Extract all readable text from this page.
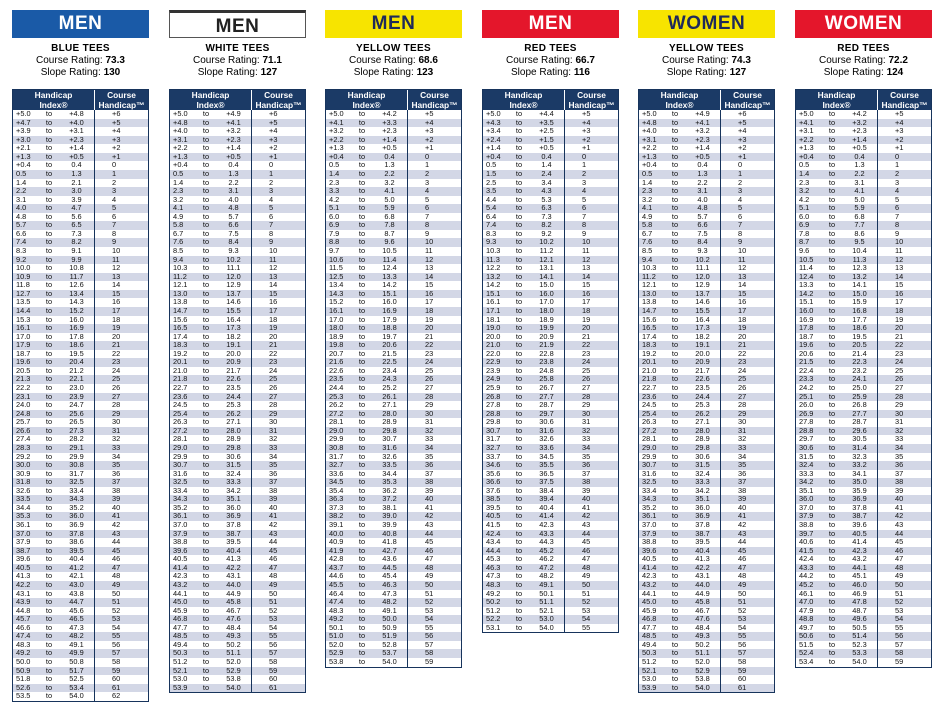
MEN
BLUE TEES
Course Rating: 73.3
Slope Rating: 130
Handicap
Index®
Course
Handicap™
+5.0	to	+4.8	+6
+4.7	to	+4.0	+5
+3.9	to	+3.1	+4
+3.0	to	+2.3	+3
+2.1	to	+1.4	+2
+1.3	to	+0.5	+1
+0.4	to	0.4	0
0.5	to	1.3	1
1.4	to	2.1	2
2.2	to	3.0	3
3.1	to	3.9	4
4.0	to	4.7	5
4.8	to	5.6	6
5.7	to	6.5	7
6.6	to	7.3	8
7.4	to	8.2	9
8.3	to	9.1	10
9.2	to	9.9	11
10.0	to	10.8	12
10.9	to	11.7	13
11.8	to	12.6	14
12.7	to	13.4	15
13.5	to	14.3	16
14.4	to	15.2	17
15.3	to	16.0	18
16.1	to	16.9	19
17.0	to	17.8	20
17.9	to	18.6	21
18.7	to	19.5	22
19.6	to	20.4	23
20.5	to	21.2	24
21.3	to	22.1	25
22.2	to	23.0	26
23.1	to	23.9	27
24.0	to	24.7	28
24.8	to	25.6	29
25.7	to	26.5	30
26.6	to	27.3	31
27.4	to	28.2	32
28.3	to	29.1	33
29.2	to	29.9	34
30.0	to	30.8	35
30.9	to	31.7	36
31.8	to	32.5	37
32.6	to	33.4	38
33.5	to	34.3	39
34.4	to	35.2	40
35.3	to	36.0	41
36.1	to	36.9	42
37.0	to	37.8	43
37.9	to	38.6	44
38.7	to	39.5	45
39.6	to	40.4	46
40.5	to	41.2	47
41.3	to	42.1	48
42.2	to	43.0	49
43.1	to	43.8	50
43.9	to	44.7	51
44.8	to	45.6	52
45.7	to	46.5	53
46.6	to	47.3	54
47.4	to	48.2	55
48.3	to	49.1	56
49.2	to	49.9	57
50.0	to	50.8	58
50.9	to	51.7	59
51.8	to	52.5	60
52.6	to	53.4	61
53.5	to	54.0	62
MEN
WHITE TEES
Course Rating: 71.1
Slope Rating: 127
Handicap
Index®
Course
Handicap™
+5.0	to	+4.9	+6
+4.8	to	+4.1	+5
+4.0	to	+3.2	+4
+3.1	to	+2.3	+3
+2.2	to	+1.4	+2
+1.3	to	+0.5	+1
+0.4	to	0.4	0
0.5	to	1.3	1
1.4	to	2.2	2
2.3	to	3.1	3
3.2	to	4.0	4
4.1	to	4.8	5
4.9	to	5.7	6
5.8	to	6.6	7
6.7	to	7.5	8
7.6	to	8.4	9
8.5	to	9.3	10
9.4	to	10.2	11
10.3	to	11.1	12
11.2	to	12.0	13
12.1	to	12.9	14
13.0	to	13.7	15
13.8	to	14.6	16
14.7	to	15.5	17
15.6	to	16.4	18
16.5	to	17.3	19
17.4	to	18.2	20
18.3	to	19.1	21
19.2	to	20.0	22
20.1	to	20.9	23
21.0	to	21.7	24
21.8	to	22.6	25
22.7	to	23.5	26
23.6	to	24.4	27
24.5	to	25.3	28
25.4	to	26.2	29
26.3	to	27.1	30
27.2	to	28.0	31
28.1	to	28.9	32
29.0	to	29.8	33
29.9	to	30.6	34
30.7	to	31.5	35
31.6	to	32.4	36
32.5	to	33.3	37
33.4	to	34.2	38
34.3	to	35.1	39
35.2	to	36.0	40
36.1	to	36.9	41
37.0	to	37.8	42
37.9	to	38.7	43
38.8	to	39.5	44
39.6	to	40.4	45
40.5	to	41.3	46
41.4	to	42.2	47
42.3	to	43.1	48
43.2	to	44.0	49
44.1	to	44.9	50
45.0	to	45.8	51
45.9	to	46.7	52
46.8	to	47.6	53
47.7	to	48.4	54
48.5	to	49.3	55
49.4	to	50.2	56
50.3	to	51.1	57
51.2	to	52.0	58
52.1	to	52.9	59
53.0	to	53.8	60
53.9	to	54.0	61
MEN
YELLOW TEES
Course Rating: 68.6
Slope Rating: 123
Handicap
Index®
Course
Handicap™
+5.0	to	+4.2	+5
+4.1	to	+3.3	+4
+3.2	to	+2.3	+3
+2.2	to	+1.4	+2
+1.3	to	+0.5	+1
+0.4	to	0.4	0
0.5	to	1.3	1
1.4	to	2.2	2
2.3	to	3.2	3
3.3	to	4.1	4
4.2	to	5.0	5
5.1	to	5.9	6
6.0	to	6.8	7
6.9	to	7.8	8
7.9	to	8.7	9
8.8	to	9.6	10
9.7	to	10.5	11
10.6	to	11.4	12
11.5	to	12.4	13
12.5	to	13.3	14
13.4	to	14.2	15
14.3	to	15.1	16
15.2	to	16.0	17
16.1	to	16.9	18
17.0	to	17.9	19
18.0	to	18.8	20
18.9	to	19.7	21
19.8	to	20.6	22
20.7	to	21.5	23
21.6	to	22.5	24
22.6	to	23.4	25
23.5	to	24.3	26
24.4	to	25.2	27
25.3	to	26.1	28
26.2	to	27.1	29
27.2	to	28.0	30
28.1	to	28.9	31
29.0	to	29.8	32
29.9	to	30.7	33
30.8	to	31.6	34
31.7	to	32.6	35
32.7	to	33.5	36
33.6	to	34.4	37
34.5	to	35.3	38
35.4	to	36.2	39
36.3	to	37.2	40
37.3	to	38.1	41
38.2	to	39.0	42
39.1	to	39.9	43
40.0	to	40.8	44
40.9	to	41.8	45
41.9	to	42.7	46
42.8	to	43.6	47
43.7	to	44.5	48
44.6	to	45.4	49
45.5	to	46.3	50
46.4	to	47.3	51
47.4	to	48.2	52
48.3	to	49.1	53
49.2	to	50.0	54
50.1	to	50.9	55
51.0	to	51.9	56
52.0	to	52.8	57
52.9	to	53.7	58
53.8	to	54.0	59
MEN
RED TEES
Course Rating: 66.7
Slope Rating: 116
Handicap
Index®
Course
Handicap™
+5.0	to	+4.4	+5
+4.3	to	+3.5	+4
+3.4	to	+2.5	+3
+2.4	to	+1.5	+2
+1.4	to	+0.5	+1
+0.4	to	0.4	0
0.5	to	1.4	1
1.5	to	2.4	2
2.5	to	3.4	3
3.5	to	4.3	4
4.4	to	5.3	5
5.4	to	6.3	6
6.4	to	7.3	7
7.4	to	8.2	8
8.3	to	9.2	9
9.3	to	10.2	10
10.3	to	11.2	11
11.3	to	12.1	12
12.2	to	13.1	13
13.2	to	14.1	14
14.2	to	15.0	15
15.1	to	16.0	16
16.1	to	17.0	17
17.1	to	18.0	18
18.1	to	18.9	19
19.0	to	19.9	20
20.0	to	20.9	21
21.0	to	21.9	22
22.0	to	22.8	23
22.9	to	23.8	24
23.9	to	24.8	25
24.9	to	25.8	26
25.9	to	26.7	27
26.8	to	27.7	28
27.8	to	28.7	29
28.8	to	29.7	30
29.8	to	30.6	31
30.7	to	31.6	32
31.7	to	32.6	33
32.7	to	33.6	34
33.7	to	34.5	35
34.6	to	35.5	36
35.6	to	36.5	37
36.6	to	37.5	38
37.6	to	38.4	39
38.5	to	39.4	40
39.5	to	40.4	41
40.5	to	41.4	42
41.5	to	42.3	43
42.4	to	43.3	44
43.4	to	44.3	45
44.4	to	45.2	46
45.3	to	46.2	47
46.3	to	47.2	48
47.3	to	48.2	49
48.3	to	49.1	50
49.2	to	50.1	51
50.2	to	51.1	52
51.2	to	52.1	53
52.2	to	53.0	54
53.1	to	54.0	55
WOMEN
YELLOW TEES
Course Rating: 74.3
Slope Rating: 127
Handicap
Index®
Course
Handicap™
+5.0	to	+4.9	+6
+4.8	to	+4.1	+5
+4.0	to	+3.2	+4
+3.1	to	+2.3	+3
+2.2	to	+1.4	+2
+1.3	to	+0.5	+1
+0.4	to	0.4	0
0.5	to	1.3	1
1.4	to	2.2	2
2.3	to	3.1	3
3.2	to	4.0	4
4.1	to	4.8	5
4.9	to	5.7	6
5.8	to	6.6	7
6.7	to	7.5	8
7.6	to	8.4	9
8.5	to	9.3	10
9.4	to	10.2	11
10.3	to	11.1	12
11.2	to	12.0	13
12.1	to	12.9	14
13.0	to	13.7	15
13.8	to	14.6	16
14.7	to	15.5	17
15.6	to	16.4	18
16.5	to	17.3	19
17.4	to	18.2	20
18.3	to	19.1	21
19.2	to	20.0	22
20.1	to	20.9	23
21.0	to	21.7	24
21.8	to	22.6	25
22.7	to	23.5	26
23.6	to	24.4	27
24.5	to	25.3	28
25.4	to	26.2	29
26.3	to	27.1	30
27.2	to	28.0	31
28.1	to	28.9	32
29.0	to	29.8	33
29.9	to	30.6	34
30.7	to	31.5	35
31.6	to	32.4	36
32.5	to	33.3	37
33.4	to	34.2	38
34.3	to	35.1	39
35.2	to	36.0	40
36.1	to	36.9	41
37.0	to	37.8	42
37.9	to	38.7	43
38.8	to	39.5	44
39.6	to	40.4	45
40.5	to	41.3	46
41.4	to	42.2	47
42.3	to	43.1	48
43.2	to	44.0	49
44.1	to	44.9	50
45.0	to	45.8	51
45.9	to	46.7	52
46.8	to	47.6	53
47.7	to	48.4	54
48.5	to	49.3	55
49.4	to	50.2	56
50.3	to	51.1	57
51.2	to	52.0	58
52.1	to	52.9	59
53.0	to	53.8	60
53.9	to	54.0	61
WOMEN
RED TEES
Course Rating: 72.2
Slope Rating: 124
Handicap
Index®
Course
Handicap™
+5.0	to	+4.2	+5
+4.1	to	+3.2	+4
+3.1	to	+2.3	+3
+2.2	to	+1.4	+2
+1.3	to	+0.5	+1
+0.4	to	0.4	0
0.5	to	1.3	1
1.4	to	2.2	2
2.3	to	3.1	3
3.2	to	4.1	4
4.2	to	5.0	5
5.1	to	5.9	6
6.0	to	6.8	7
6.9	to	7.7	8
7.8	to	8.6	9
8.7	to	9.5	10
9.6	to	10.4	11
10.5	to	11.3	12
11.4	to	12.3	13
12.4	to	13.2	14
13.3	to	14.1	15
14.2	to	15.0	16
15.1	to	15.9	17
16.0	to	16.8	18
16.9	to	17.7	19
17.8	to	18.6	20
18.7	to	19.5	21
19.6	to	20.5	22
20.6	to	21.4	23
21.5	to	22.3	24
22.4	to	23.2	25
23.3	to	24.1	26
24.2	to	25.0	27
25.1	to	25.9	28
26.0	to	26.8	29
26.9	to	27.7	30
27.8	to	28.7	31
28.8	to	29.6	32
29.7	to	30.5	33
30.6	to	31.4	34
31.5	to	32.3	35
32.4	to	33.2	36
33.3	to	34.1	37
34.2	to	35.0	38
35.1	to	35.9	39
36.0	to	36.9	40
37.0	to	37.8	41
37.9	to	38.7	42
38.8	to	39.6	43
39.7	to	40.5	44
40.6	to	41.4	45
41.5	to	42.3	46
42.4	to	43.2	47
43.3	to	44.1	48
44.2	to	45.1	49
45.2	to	46.0	50
46.1	to	46.9	51
47.0	to	47.8	52
47.9	to	48.7	53
48.8	to	49.6	54
49.7	to	50.5	55
50.6	to	51.4	56
51.5	to	52.3	57
52.4	to	53.3	58
53.4	to	54.0	59
